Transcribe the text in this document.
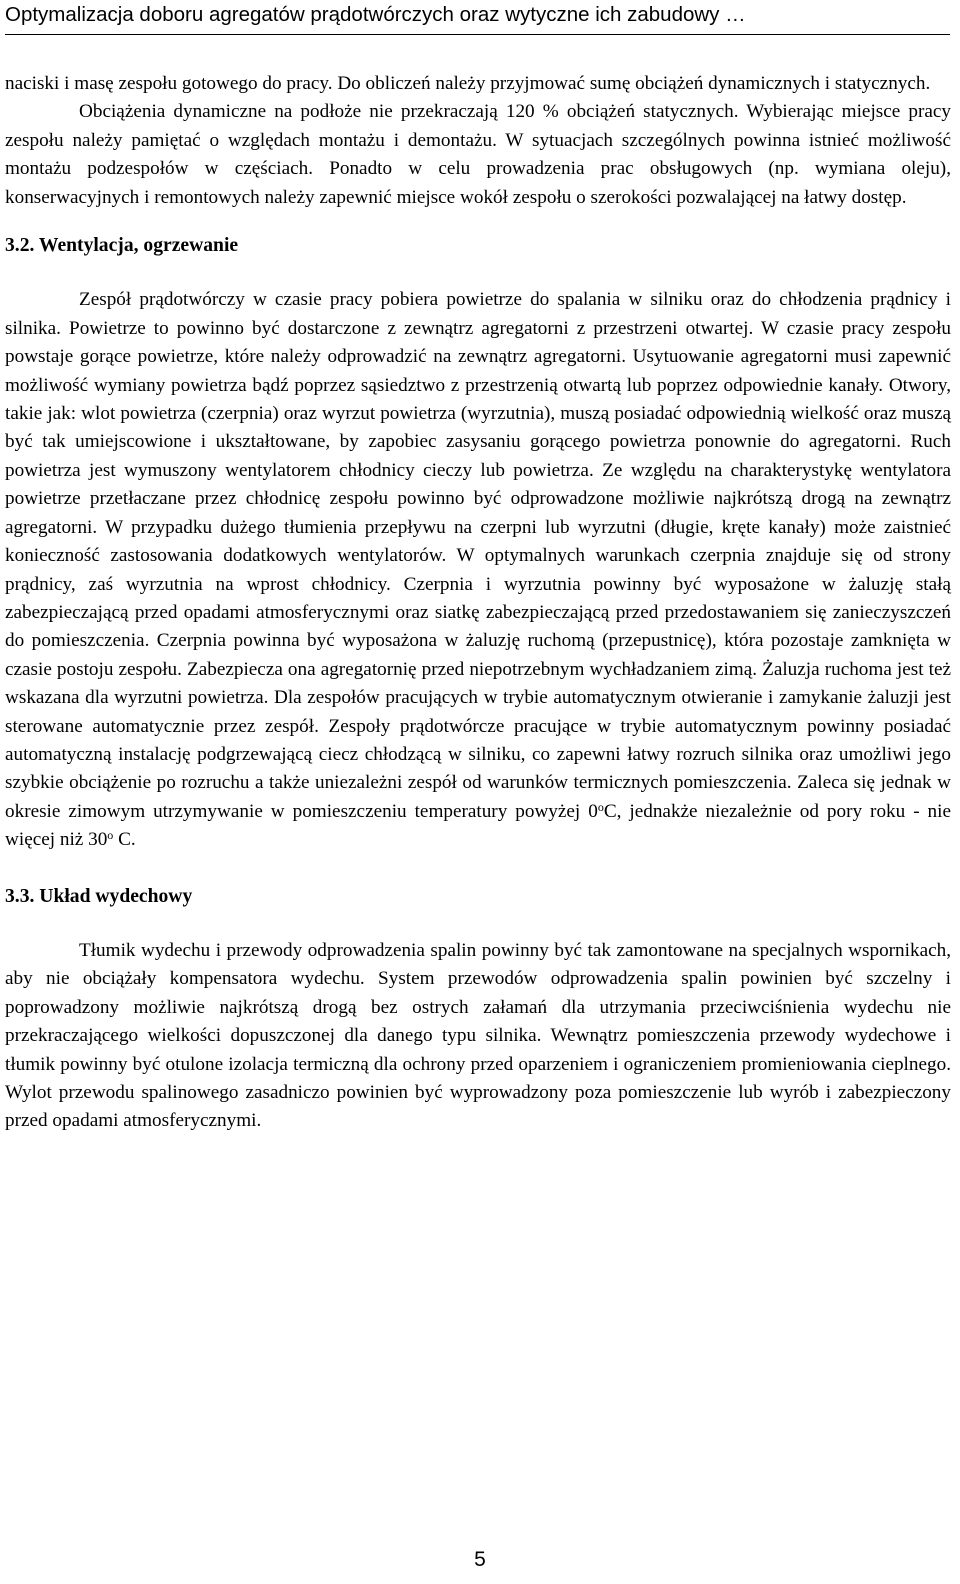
Optymalizacja doboru agregatów prądotwórczych oraz wytyczne ich zabudowy …

naciski i masę zespołu gotowego do pracy. Do obliczeń należy przyjmować sumę obciążeń dynamicznych i statycznych.

Obciążenia dynamiczne na podłoże nie przekraczają 120 % obciążeń statycznych. Wybierając miejsce pracy zespołu należy pamiętać o względach montażu i demontażu. W sytuacjach szczególnych powinna istnieć możliwość montażu podzespołów w częściach. Ponadto w celu prowadzenia prac obsługowych (np. wymiana oleju), konserwacyjnych i remontowych należy zapewnić miejsce wokół zespołu o szerokości pozwalającej na łatwy dostęp.

3.2. Wentylacja, ogrzewanie

Zespół prądotwórczy w czasie pracy pobiera powietrze do spalania w silniku oraz do chłodzenia prądnicy i silnika. Powietrze to powinno być dostarczone z zewnątrz agregatorni z przestrzeni otwartej. W czasie pracy zespołu powstaje gorące powietrze, które należy odprowadzić na zewnątrz agregatorni. Usytuowanie agregatorni musi zapewnić możliwość wymiany powietrza bądź poprzez sąsiedztwo z przestrzenią otwartą lub poprzez odpowiednie kanały. Otwory, takie jak: wlot powietrza (czerpnia) oraz wyrzut powietrza (wyrzutnia), muszą posiadać odpowiednią wielkość oraz muszą być tak umiejscowione i ukształtowane, by zapobiec zasysaniu gorącego powietrza ponownie do agregatorni. Ruch powietrza jest wymuszony wentylatorem chłodnicy cieczy lub powietrza. Ze względu na charakterystykę wentylatora powietrze przetłaczane przez chłodnicę zespołu powinno być odprowadzone możliwie najkrótszą drogą na zewnątrz agregatorni. W przypadku dużego tłumienia przepływu na czerpni lub wyrzutni (długie, kręte kanały) może zaistnieć konieczność zastosowania dodatkowych wentylatorów. W optymalnych warunkach czerpnia znajduje się od strony prądnicy, zaś wyrzutnia na wprost chłodnicy. Czerpnia i wyrzutnia powinny być wyposażone w żaluzję stałą zabezpieczającą przed opadami atmosferycznymi oraz siatkę zabezpieczającą przed przedostawaniem się zanieczyszczeń do pomieszczenia. Czerpnia powinna być wyposażona w żaluzję ruchomą (przepustnicę), która pozostaje zamknięta w czasie postoju zespołu. Zabezpiecza ona agregatornię przed niepotrzebnym wychładzaniem zimą. Żaluzja ruchoma jest też wskazana dla wyrzutni powietrza. Dla zespołów pracujących w trybie automatycznym otwieranie i zamykanie żaluzji jest sterowane automatycznie przez zespół. Zespoły prądotwórcze pracujące w trybie automatycznym powinny posiadać automatyczną instalację podgrzewającą ciecz chłodzącą w silniku, co zapewni łatwy rozruch silnika oraz umożliwi jego szybkie obciążenie po rozruchu a także uniezależni zespół od warunków termicznych pomieszczenia. Zaleca się jednak w okresie zimowym utrzymywanie w pomieszczeniu temperatury powyżej 0$^o$C, jednakże niezależnie od pory roku - nie więcej niż 30$^o$ C.

3.3. Układ wydechowy

Tłumik wydechu i przewody odprowadzenia spalin powinny być tak zamontowane na specjalnych wspornikach, aby nie obciążały kompensatora wydechu. System przewodów odprowadzenia spalin powinien być szczelny i poprowadzony możliwie najkrótszą drogą bez ostrych załamań dla utrzymania przeciwciśnienia wydechu nie przekraczającego wielkości dopuszczonej dla danego typu silnika. Wewnątrz pomieszczenia przewody wydechowe i tłumik powinny być otulone izolacja termiczną dla ochrony przed oparzeniem i ograniczeniem promieniowania cieplnego. Wylot przewodu spalinowego zasadniczo powinien być wyprowadzony poza pomieszczenie lub wyrób i zabezpieczony przed opadami atmosferycznymi.

5
